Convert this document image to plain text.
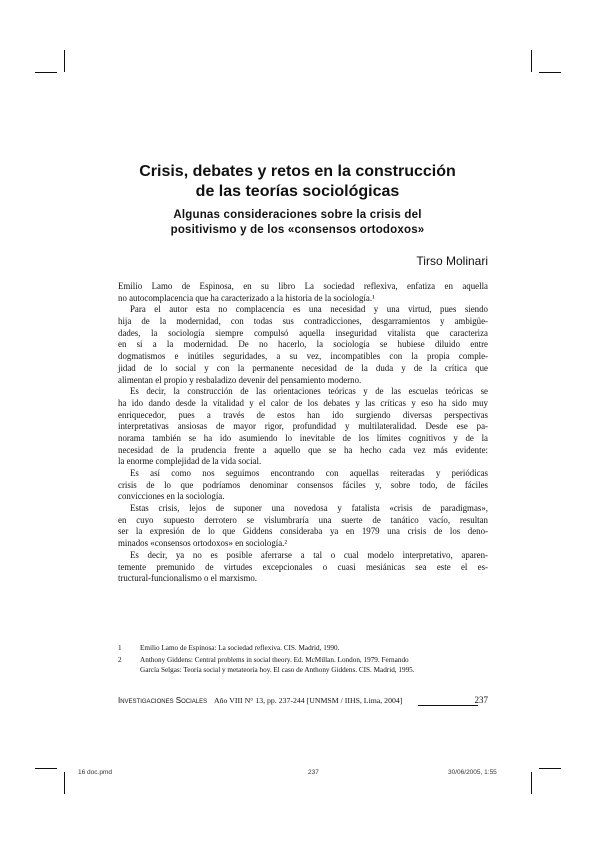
Crisis, debates y retos en la construcción
de las teorías sociológicas
Algunas consideraciones sobre la crisis del
positivismo y de los «consensos ortodoxos»
Tirso Molinari
Emilio Lamo de Espinosa, en su libro La sociedad reflexiva, enfatiza en aquella
no autocomplacencia que ha caracterizado a la historia de la sociología.¹
Para el autor esta no complacencia es una necesidad y una virtud, pues siendo
hija de la modernidad, con todas sus contradicciones, desgarramientos y ambigüe-
dades, la sociología siempre compulsó aquella inseguridad vitalista que caracteriza
en sí a la modernidad. De no hacerlo, la sociología se hubiese diluido entre
dogmatismos e inútiles seguridades, a su vez, incompatibles con la propia comple-
jidad de lo social y con la permanente necesidad de la duda y de la crítica que
alimentan el propio y resbaladizo devenir del pensamiento moderno.
Es decir, la construcción de las orientaciones teóricas y de las escuelas teóricas se
ha ido dando desde la vitalidad y el calor de los debates y las críticas y eso ha sido muy
enriquecedor, pues a través de estos han ido surgiendo diversas perspectivas
interpretativas ansiosas de mayor rigor, profundidad y multilateralidad. Desde ese pa-
norama también se ha ido asumiendo lo inevitable de los límites cognitivos y de la
necesidad de la prudencia frente a aquello que se ha hecho cada vez más evidente:
la enorme complejidad de la vida social.
Es así como nos seguimos encontrando con aquellas reiteradas y periódicas
crisis de lo que podríamos denominar consensos fáciles y, sobre todo, de fáciles
convicciones en la sociología.
Estas crisis, lejos de suponer una novedosa y fatalista «crisis de paradigmas»,
en cuyo supuesto derrotero se vislumbraría una suerte de tanático vacío, resultan
ser la expresión de lo que Giddens consideraba ya en 1979 una crisis de los deno-
minados «consensos ortodoxos» en sociología.²
Es decir, ya no es posible aferrarse a tal o cual modelo interpretativo, aparen-
temente premunido de virtudes excepcionales o cuasi mesiánicas sea este el es-
tructural-funcionalismo o el marxismo.
1	Emilio Lamo de Espinosa: La sociedad reflexiva. CIS. Madrid, 1990.
2	Anthony Giddens: Central problems in social theory. Ed. McMillan. London, 1979. Fernando
García Selgas: Teoría social y metateoría hoy. El caso de Anthony Giddens. CIS. Madrid, 1995.
Investigaciones Sociales Año VIII N° 13, pp. 237-244 [UNMSM / IIHS, Lima, 2004]	237
16 doc.pmd	237	30/06/2005, 1:55
